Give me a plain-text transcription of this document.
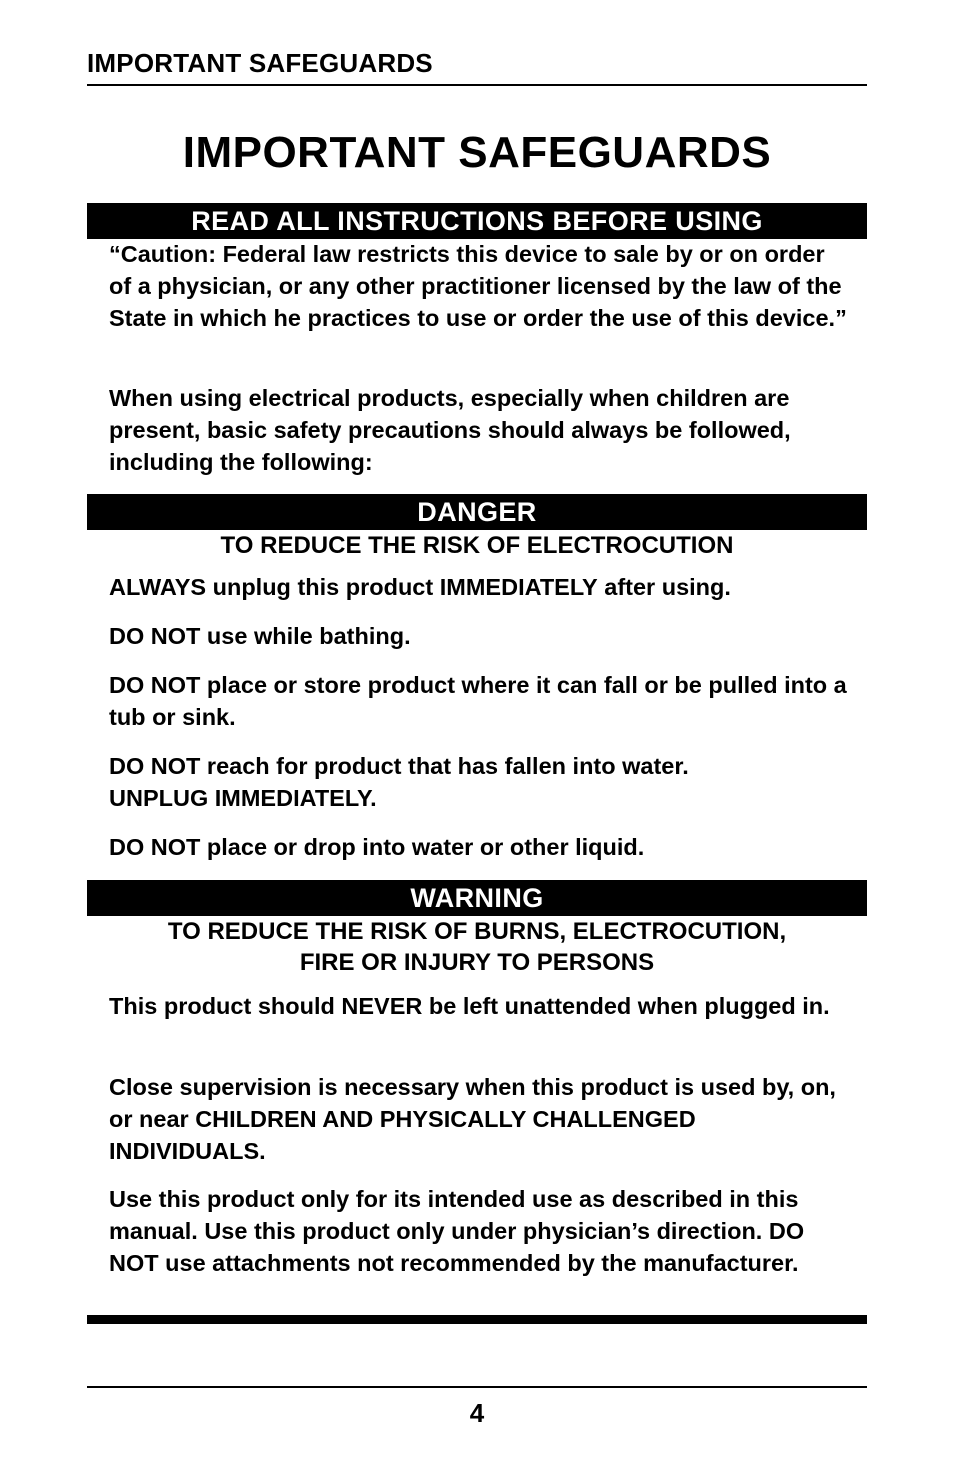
IMPORTANT SAFEGUARDS
IMPORTANT SAFEGUARDS
READ ALL INSTRUCTIONS BEFORE USING
“Caution: Federal law restricts this device to sale by or on order of a physician, or any other practitioner licensed by the law of the State in which he practices to use or order the use of this device.”
When using electrical products, especially when children are present, basic safety precautions should always be followed, including the following:
DANGER
TO REDUCE THE RISK OF ELECTROCUTION
ALWAYS unplug this product IMMEDIATELY after using.
DO NOT use while bathing.
DO NOT place or store product where it can fall or be pulled into a tub or sink.
DO NOT reach for product that has fallen into water.
UNPLUG IMMEDIATELY.
DO NOT place or drop into water or other liquid.
WARNING
TO REDUCE THE RISK OF BURNS, ELECTROCUTION,
FIRE OR INJURY TO PERSONS
This product should NEVER be left unattended when plugged in.
Close supervision is necessary when this product is used by, on, or near CHILDREN AND PHYSICALLY CHALLENGED INDIVIDUALS.
Use this product only for its intended use as described in this manual. Use this product only under physician’s direction. DO NOT use attachments not recommended by the manufacturer.
4
